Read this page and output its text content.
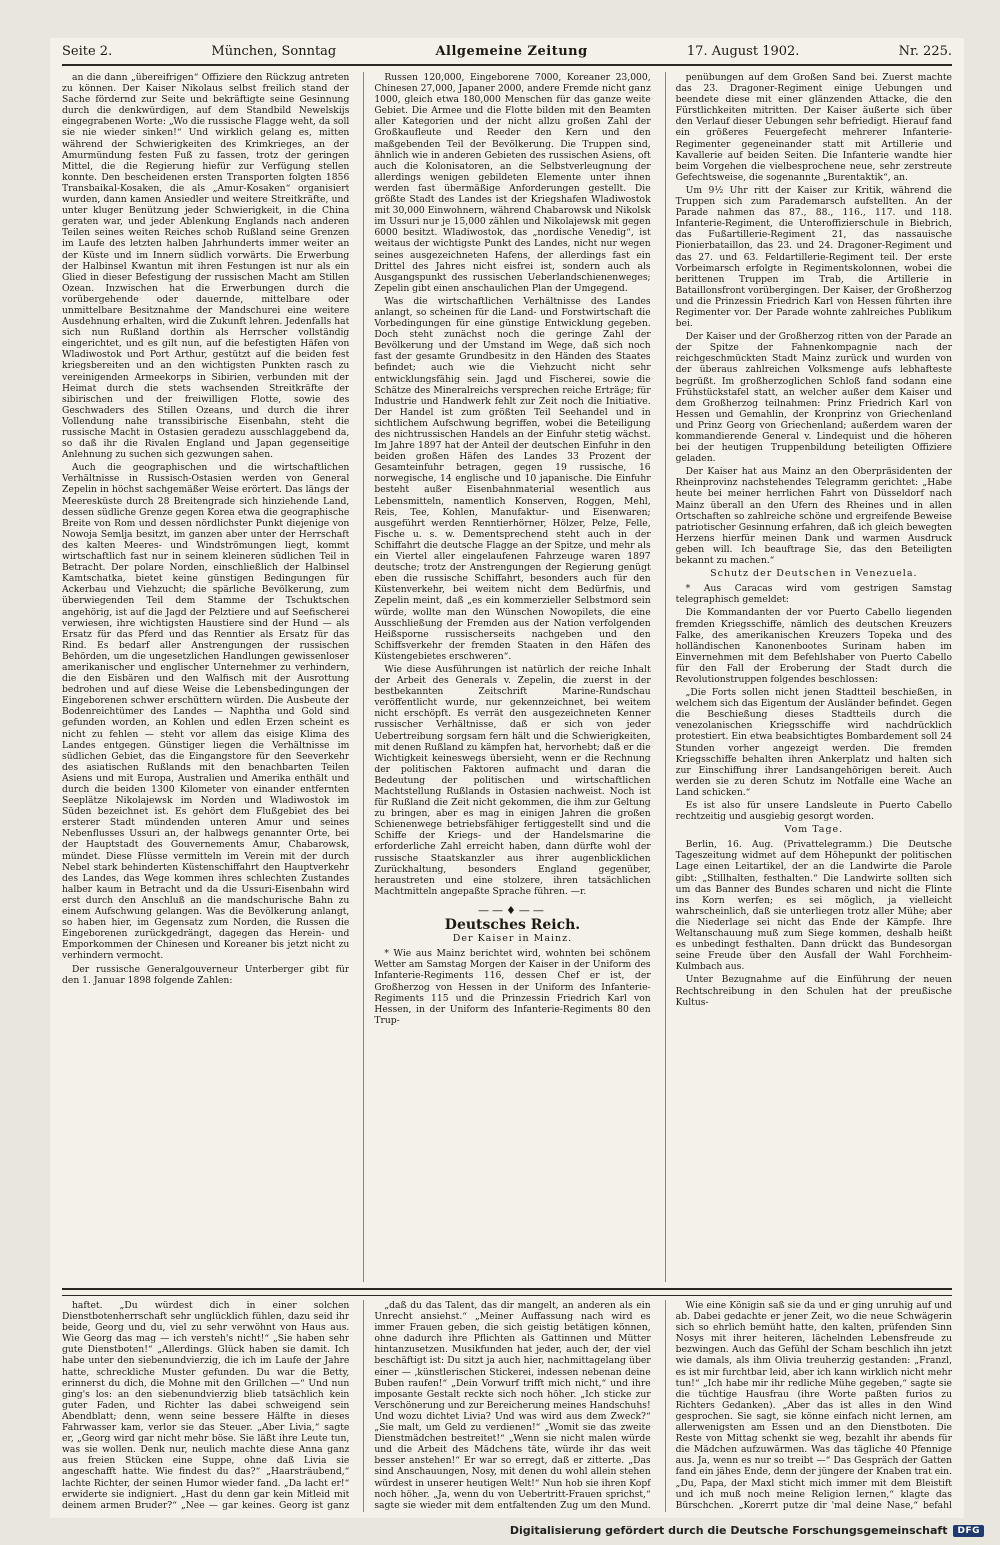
Seite 2.	München, Sonntag	Allgemeine Zeitung	17. August 1902.	Nr. 225.

an die dann „übereifrigen“ Offiziere den Rückzug antreten zu können. Der Kaiser Nikolaus selbst freilich stand der Sache fördernd zur Seite und bekräftigte seine Gesinnung durch die denkwürdigen, auf dem Standbild Newelskijs eingegrabenen Worte: „Wo die russische Flagge weht, da soll sie nie wieder sinken!“ Und wirklich gelang es, mitten während der Schwierigkeiten des Krimkrieges, an der Amurmündung festen Fuß zu fassen, trotz der geringen Mittel, die die Regierung hiefür zur Verfügung stellen konnte. Den bescheidenen ersten Transporten folgten 1856 Transbaikal-Kosaken, die als „Amur-Kosaken“ organisiert wurden, dann kamen Ansiedler und weitere Streitkräfte, und unter kluger Benützung jeder Schwierigkeit, in die China geraten war, und jeder Ablenkung Englands nach anderen Teilen seines weiten Reiches schob Rußland seine Grenzen im Laufe des letzten halben Jahrhunderts immer weiter an der Küste und im Innern südlich vorwärts. Die Erwerbung der Halbinsel Kwantun mit ihren Festungen ist nur als ein Glied in dieser Befestigung der russischen Macht am Stillen Ozean. Inzwischen hat die Erwerbungen durch die vorübergehende oder dauernde, mittelbare oder unmittelbare Besitznahme der Mandschurei eine weitere Ausdehnung erhalten, wird die Zukunft lehren. Jedenfalls hat sich nun Rußland dorthin als Herrscher vollständig eingerichtet, und es gilt nun, auf die befestigten Häfen von Wladiwostok und Port Arthur, gestützt auf die beiden fest kriegsbereiten und an den wichtigsten Punkten rasch zu vereinigenden Armeekorps in Sibirien, verbunden mit der Heimat durch die stets wachsenden Streitkräfte der sibirischen und der freiwilligen Flotte, sowie des Geschwaders des Stillen Ozeans, und durch die ihrer Vollendung nahe transsibirische Eisenbahn, steht die russische Macht in Ostasien geradezu ausschlaggebend da, so daß ihr die Rivalen England und Japan gegenseitige Anlehnung zu suchen sich gezwungen sahen.

Auch die geographischen und die wirtschaftlichen Verhältnisse in Russisch-Ostasien werden von General Zepelin in höchst sachgemäßer Weise erörtert. Das längs der Meeresküste durch 28 Breitengrade sich hinziehende Land, dessen südliche Grenze gegen Korea etwa die geographische Breite von Rom und dessen nördlichster Punkt diejenige von Nowoja Semlja besitzt, im ganzen aber unter der Herrschaft des kalten Meeres- und Windströmungen liegt, kommt wirtschaftlich fast nur in seinem kleineren südlichen Teil in Betracht. Der polare Norden, einschließlich der Halbinsel Kamtschatka, bietet keine günstigen Bedingungen für Ackerbau und Viehzucht; die spärliche Bevölkerung, zum überwiegenden Teil dem Stamme der Tschuktschen angehörig, ist auf die Jagd der Pelztiere und auf Seefischerei verwiesen, ihre wichtigsten Haustiere sind der Hund — als Ersatz für das Pferd und das Renntier als Ersatz für das Rind. Es bedarf aller Anstrengungen der russischen Behörden, um die ungesetzlichen Handlungen gewissenloser amerikanischer und englischer Unternehmer zu verhindern, die den Eisbären und den Walfisch mit der Ausrottung bedrohen und auf diese Weise die Lebensbedingungen der Eingeborenen schwer erschüttern würden. Die Ausbeute der Bodenreichtümer des Landes — Naphtha und Gold sind gefunden worden, an Kohlen und edlen Erzen scheint es nicht zu fehlen — steht vor allem das eisige Klima des Landes entgegen. Günstiger liegen die Verhältnisse im südlichen Gebiet, das die Eingangstore für den Seeverkehr des asiatischen Rußlands mit den benachbarten Teilen Asiens und mit Europa, Australien und Amerika enthält und durch die beiden 1300 Kilometer von einander entfernten Seeplätze Nikolajewsk im Norden und Wladiwostok im Süden bezeichnet ist. Es gehört dem Flußgebiet des bei ersterer Stadt mündenden unteren Amur und seines Nebenflusses Ussuri an, der halbwegs genannter Orte, bei der Hauptstadt des Gouvernements Amur, Chabarowsk, mündet. Diese Flüsse vermitteln im Verein mit der durch Nebel stark behinderten Küstenschiffahrt den Hauptverkehr des Landes, das Wege kommen ihres schlechten Zustandes halber kaum in Betracht und da die Ussuri-Eisenbahn wird erst durch den Anschluß an die mandschurische Bahn zu einem Aufschwung gelangen. Was die Bevölkerung anlangt, so haben hier, im Gegensatz zum Norden, die Russen die Eingeborenen zurückgedrängt, dagegen das Herein- und Emporkommen der Chinesen und Koreaner bis jetzt nicht zu verhindern vermocht.

Der russische Generalgouverneur Unterberger gibt für den 1. Januar 1898 folgende Zahlen:

Russen 120,000, Eingeborene 7000, Koreaner 23,000, Chinesen 27,000, Japaner 2000, andere Fremde nicht ganz 1000, gleich etwa 180,000 Menschen für das ganze weite Gebiet. Die Armee und die Flotte bilden mit den Beamten aller Kategorien und der nicht allzu großen Zahl der Großkaufleute und Reeder den Kern und den maßgebenden Teil der Bevölkerung. Die Truppen sind, ähnlich wie in anderen Gebieten des russischen Asiens, oft auch die Kolonisatoren, an die Selbstverleugnung der allerdings wenigen gebildeten Elemente unter ihnen werden fast übermäßige Anforderungen gestellt. Die größte Stadt des Landes ist der Kriegshafen Wladiwostok mit 30,000 Einwohnern, während Chabarowsk und Nikolsk im Ussuri nur je 15,000 zählen und Nikolajewsk mit gegen 6000 besitzt. Wladiwostok, das „nordische Venedig“, ist weitaus der wichtigste Punkt des Landes, nicht nur wegen seines ausgezeichneten Hafens, der allerdings fast ein Drittel des Jahres nicht eisfrei ist, sondern auch als Ausgangspunkt des russischen Ueberlandschienenweges; Zepelin gibt einen anschaulichen Plan der Umgegend.

Was die wirtschaftlichen Verhältnisse des Landes anlangt, so scheinen für die Land- und Forstwirtschaft die Vorbedingungen für eine günstige Entwicklung gegeben. Doch steht zunächst noch die geringe Zahl der Bevölkerung und der Umstand im Wege, daß sich noch fast der gesamte Grundbesitz in den Händen des Staates befindet; auch wie die Viehzucht nicht sehr entwicklungsfähig sein. Jagd und Fischerei, sowie die Schätze des Mineralreichs versprechen reiche Erträge; für Industrie und Handwerk fehlt zur Zeit noch die Initiative. Der Handel ist zum größten Teil Seehandel und in sichtlichem Aufschwung begriffen, wobei die Beteiligung des nichtrussischen Handels an der Einfuhr stetig wächst. Im Jahre 1897 hat der Anteil der deutschen Einfuhr in den beiden großen Häfen des Landes 33 Prozent der Gesamteinfuhr betragen, gegen 19 russische, 16 norwegische, 14 englische und 10 japanische. Die Einfuhr besteht außer Eisenbahnmaterial wesentlich aus Lebensmitteln, namentlich Konserven, Roggen, Mehl, Reis, Tee, Kohlen, Manufaktur- und Eisenwaren; ausgeführt werden Renntierhörner, Hölzer, Pelze, Felle, Fische u. s. w. Dementsprechend steht auch in der Schiffahrt die deutsche Flagge an der Spitze, und mehr als ein Viertel aller eingelaufenen Fahrzeuge waren 1897 deutsche; trotz der Anstrengungen der Regierung genügt eben die russische Schiffahrt, besonders auch für den Küstenverkehr, bei weitem nicht dem Bedürfnis, und Zepelin meint, daß „es ein kommerzieller Selbstmord sein würde, wollte man den Wünschen Nowopilets, die eine Ausschließung der Fremden aus der Nation verfolgenden Heißsporne russischerseits nachgeben und den Schiffsverkehr der fremden Staaten in den Häfen des Küstengebietes erschweren“.

Wie diese Ausführungen ist natürlich der reiche Inhalt der Arbeit des Generals v. Zepelin, die zuerst in der bestbekannten Zeitschrift Marine-Rundschau veröffentlicht wurde, nur gekennzeichnet, bei weitem nicht erschöpft. Es verrät den ausgezeichneten Kenner russischer Verhältnisse, daß er sich von jeder Uebertreibung sorgsam fern hält und die Schwierigkeiten, mit denen Rußland zu kämpfen hat, hervorhebt; daß er die Wichtigkeit keineswegs übersieht, wenn er die Rechnung der politischen Faktoren aufmacht und daran die Bedeutung der politischen und wirtschaftlichen Machtstellung Rußlands in Ostasien nachweist. Noch ist für Rußland die Zeit nicht gekommen, die ihm zur Geltung zu bringen, aber es mag in einigen Jahren die großen Schienenwege betriebsfähiger fertiggestellt sind und die Schiffe der Kriegs- und der Handelsmarine die erforderliche Zahl erreicht haben, dann dürfte wohl der russische Staatskanzler aus ihrer augenblicklichen Zurückhaltung, besonders England gegenüber, heraustreten und eine stolzere, ihren tatsächlichen Machtmitteln angepaßte Sprache führen. —r.

——♦——
Deutsches Reich.
Der Kaiser in Mainz.

* Wie aus Mainz berichtet wird, wohnten bei schönem Wetter am Samstag Morgen der Kaiser in der Uniform des Infanterie-Regiments 116, dessen Chef er ist, der Großherzog von Hessen in der Uniform des Infanterie-Regiments 115 und die Prinzessin Friedrich Karl von Hessen, in der Uniform des Infanterie-Regiments 80 den Trup-

penübungen auf dem Großen Sand bei. Zuerst machte das 23. Dragoner-Regiment einige Uebungen und beendete diese mit einer glänzenden Attacke, die den Fürstlichkeiten mitritten. Der Kaiser äußerte sich über den Verlauf dieser Uebungen sehr befriedigt. Hierauf fand ein größeres Feuergefecht mehrerer Infanterie-Regimenter gegeneinander statt mit Artillerie und Kavallerie auf beiden Seiten. Die Infanterie wandte hier beim Vorgehen die vielbesprochene neue, sehr zerstreute Gefechtsweise, die sogenannte „Burentaktik“, an.

Um 9½ Uhr ritt der Kaiser zur Kritik, während die Truppen sich zum Parademarsch aufstellten. An der Parade nahmen das 87., 88., 116., 117. und 118. Infanterie-Regiment, die Unteroffizierschule in Biebrich, das Fußartillerie-Regiment 21, das nassauische Pionierbataillon, das 23. und 24. Dragoner-Regiment und das 27. und 63. Feldartillerie-Regiment teil. Der erste Vorbeimarsch erfolgte in Regimentskolonnen, wobei die berittenen Truppen im Trab, die Artillerie in Bataillonsfront vorübergingen. Der Kaiser, der Großherzog und die Prinzessin Friedrich Karl von Hessen führten ihre Regimenter vor. Der Parade wohnte zahlreiches Publikum bei.

Der Kaiser und der Großherzog ritten von der Parade an der Spitze der Fahnenkompagnie nach der reichgeschmückten Stadt Mainz zurück und wurden von der überaus zahlreichen Volksmenge aufs lebhafteste begrüßt. Im großherzoglichen Schloß fand sodann eine Frühstückstafel statt, an welcher außer dem Kaiser und dem Großherzog teilnahmen: Prinz Friedrich Karl von Hessen und Gemahlin, der Kronprinz von Griechenland und Prinz Georg von Griechenland; außerdem waren der kommandierende General v. Lindequist und die höheren bei der heutigen Truppenbildung beteiligten Offiziere geladen.

Der Kaiser hat aus Mainz an den Oberpräsidenten der Rheinprovinz nachstehendes Telegramm gerichtet: „Habe heute bei meiner herrlichen Fahrt von Düsseldorf nach Mainz überall an den Ufern des Rheines und in allen Ortschaften so zahlreiche schöne und ergreifende Beweise patriotischer Gesinnung erfahren, daß ich gleich bewegten Herzens hierfür meinen Dank und warmen Ausdruck geben will. Ich beauftrage Sie, das den Beteiligten bekannt zu machen.“

Schutz der Deutschen in Venezuela.

* Aus Caracas wird vom gestrigen Samstag telegraphisch gemeldet:

Die Kommandanten der vor Puerto Cabello liegenden fremden Kriegsschiffe, nämlich des deutschen Kreuzers Falke, des amerikanischen Kreuzers Topeka und des holländischen Kanonenbootes Surinam haben im Einvernehmen mit dem Befehlshaber von Puerto Cabello für den Fall der Eroberung der Stadt durch die Revolutionstruppen folgendes beschlossen:

„Die Forts sollen nicht jenen Stadtteil beschießen, in welchem sich das Eigentum der Ausländer befindet. Gegen die Beschießung dieses Stadtteils durch die venezolanischen Kriegsschiffe wird nachdrücklich protestiert. Ein etwa beabsichtigtes Bombardement soll 24 Stunden vorher angezeigt werden. Die fremden Kriegsschiffe behalten ihren Ankerplatz und halten sich zur Einschiffung ihrer Landsangehörigen bereit. Auch werden sie zu deren Schutz im Notfalle eine Wache an Land schicken.“

Es ist also für unsere Landsleute in Puerto Cabello rechtzeitig und ausgiebig gesorgt worden.

Vom Tage.

Berlin, 16. Aug. (Privattelegramm.) Die Deutsche Tageszeitung widmet auf dem Höhepunkt der politischen Lage einen Leitartikel, der an die Landwirte die Parole gibt: „Stillhalten, festhalten.“ Die Landwirte sollten sich um das Banner des Bundes scharen und nicht die Flinte ins Korn werfen; es sei möglich, ja vielleicht wahrscheinlich, daß sie unterliegen trotz aller Mühe; aber die Niederlage sei nicht das Ende der Kämpfe. Ihre Weltanschauung muß zum Siege kommen, deshalb heißt es unbedingt festhalten. Dann drückt das Bundesorgan seine Freude über den Ausfall der Wahl Forchheim-Kulmbach aus.

Unter Bezugnahme auf die Einführung der neuen Rechtschreibung in den Schulen hat der preußische Kultus-

haftet. „Du würdest dich in einer solchen Dienstbotenherrschaft sehr unglücklich fühlen, dazu seid ihr beide, Georg und du, viel zu sehr verwöhnt von Haus aus. Wie Georg das mag — ich versteh's nicht!“ „Sie haben sehr gute Dienstboten!“ „Allerdings. Glück haben sie damit. Ich habe unter den siebenundvierzig, die ich im Laufe der Jahre hatte, schreckliche Muster gefunden. Du war die Betty, erinnerst du dich, die Mohne mit den Grillchen —“ Und nun ging's los: an den siebenundvierzig blieb tatsächlich kein guter Faden, und Richter las dabei schweigend sein Abendblatt; denn, wenn seine bessere Hälfte in dieses Fahrwasser kam, verlor sie das Steuer. „Aber Livia,“ sagte er, „Georg wird gar nicht mehr böse. Sie läßt ihre Leute tun, was sie wollen. Denk nur, neulich machte diese Anna ganz aus freien Stücken eine Suppe, ohne daß Livia sie angeschafft hatte. Wie findest du das?“ „Haarsträubend,“ lachte Richter, der seinen Humor wieder fand. „Da lacht er!“ erwiderte sie indigniert. „Hast du denn gar kein Mitleid mit deinem armen Bruder?“ „Nee — gar keines. Georg ist ganz

„daß du das Talent, das dir mangelt, an anderen als ein Unrecht ansiehst.“ „Meiner Auffassung nach wird es immer Frauen geben, die sich geistig betätigen können, ohne dadurch ihre Pflichten als Gattinnen und Mütter hintanzusetzen. Musikfunden hat jeder, auch der, der viel beschäftigt ist: Du sitzt ja auch hier, nachmittagelang über einer — ‚künstlerischen Stickerei, indessen nebenan deine Buben raufen!“ „Dein Vorwurf trifft mich nicht,“ und ihre imposante Gestalt reckte sich noch höher. „Ich sticke zur Verschönerung und zur Bereicherung meines Handschuhs! Und wozu dichtet Livia? Und was wird aus dem Zweck?“ „Sie malt, um Geld zu verdienen!“ „Womit sie das zweite Dienstmädchen bestreitet!“ „Wenn sie nicht malen würde und die Arbeit des Mädchens täte, würde ihr das weit besser anstehen!“ Er war so erregt, daß er zitterte. „Das sind Anschauungen, Nosy, mit denen du wohl allein stehen würdest in unserer heutigen Welt!“ Nun hob sie ihren Kopf noch höher. „Ja, wenn du von Uebertritt-Frauen sprichst,“ sagte sie wieder mit dem entfaltenden Zug um den Mund.

Wie eine Königin saß sie da und er ging unruhig auf und ab. Dabei gedachte er jener Zeit, wo die neue Schwägerin sich so ehrlich bemüht hatte, den kalten, prüfenden Sinn Nosys mit ihrer heiteren, lächelnden Lebensfreude zu bezwingen. Auch das Gefühl der Scham beschlich ihn jetzt wie damals, als ihm Olivia treuherzig gestanden: „Franzl, es ist mir furchtbar leid, aber ich kann wirklich nicht mehr tun!“ „Ich habe mir ihr redliche Mühe gegeben,“ sagte sie die tüchtige Hausfrau (ihre Worte paßten furios zu Richters Gedanken). „Aber das ist alles in den Wind gesprochen. Sie sagt, sie könne einfach nicht lernen, am allerwenigsten am Essen und an den Dienstboten. Die Reste von Mittag schenkt sie weg, bezahlt ihr abends für die Mädchen aufzuwärmen. Was das tägliche 40 Pfennige aus. Ja, wenn es nur so treibt —“ Das Gespräch der Gatten fand ein jähes Ende, denn der jüngere der Knaben trat ein. „Du, Papa, der Maxl sticht mich immer mit dem Bleistift und ich muß noch meine Religion lernen,“ klagte das Bürschchen. „Korerrt putze dir 'mal deine Nase,“ befahl

Digitalisierung gefördert durch die Deutsche Forschungsgemeinschaft	DFG
